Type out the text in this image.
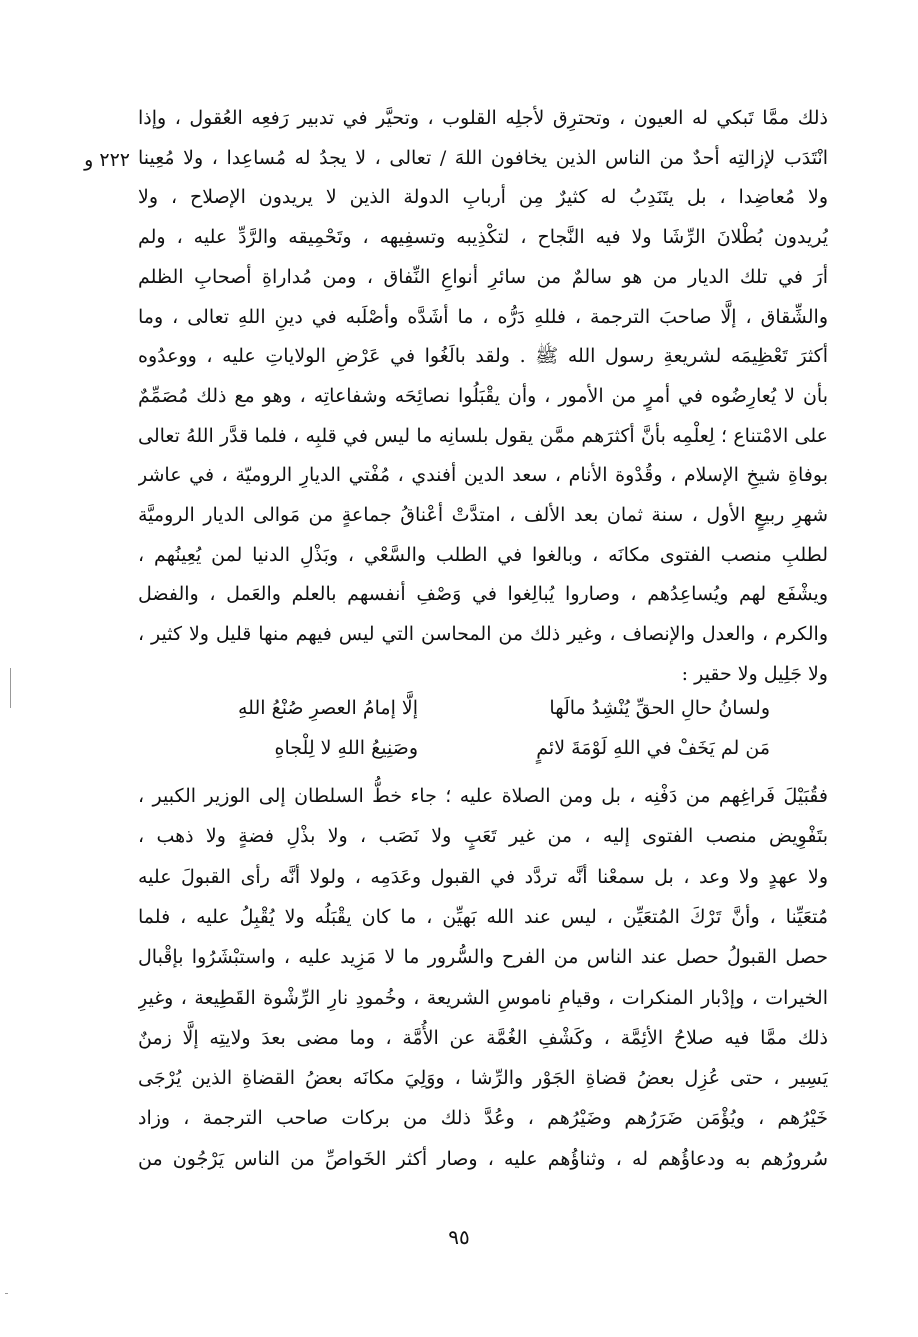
٢٢٢ و
ذلك ممَّا تَبكي له العيون ، وتحترِق لأجلِه القلوب ، وتحيَّر في تدبير رَفعِه العُقول ، وإذا
انْتَدَب لإزالتِه أحدٌ من الناس الذين يخافون اللهَ / تعالى ، لا يجدُ له مُساعِدا ، ولا مُعِينا
ولا مُعاضِدا ، بل يتَنَدِبُ له كثيرٌ مِن أربابِ الدولة الذين لا يريدون الإصلاح ، ولا
يُريدون بُطْلانَ الرِّشَا ولا فيه النَّجاح ، لتكْذِيبه وتسفِيهه ، وتَحْمِيقه والرَّدِّ عليه ، ولم
أرَ في تلك الديار من هو سالمٌ من سائرِ أنواعِ النِّفاق ، ومن مُداراةِ أصحابِ الظلم
والشِّقاق ، إلَّا صاحبَ الترجمة ، فللهِ دَرُّه ، ما أشَدَّه وأصْلَبه في دينِ اللهِ تعالى ، وما
أكثرَ تَعْظِيمَه لشريعةِ رسول الله ﷺ . ولقد بالَغُوا في عَرْضِ الولاياتِ عليه ، ووعدُوه
بأن لا يُعارِضُوه في أمرٍ من الأمور ، وأن يقْبَلُوا نصائِحَه وشفاعاتِه ، وهو مع ذلك مُصَمِّمٌ
على الامْتناع ؛ لِعلْمِه بأنَّ أكثرَهم ممَّن يقول بلسانِه ما ليس في قلبِه ، فلما قدَّر اللهُ تعالى
بوفاةِ شيخِ الإسلام ، وقُدْوة الأنام ، سعد الدين أفندي ، مُفْتي الديارِ الروميّة ، في عاشر
شهرِ ربيعٍ الأول ، سنة ثمان بعد الألف ، امتدَّتْ أعْناقُ جماعةٍ من مَوالى الديار الروميَّة
لطلبِ منصب الفتوى مكانَه ، وبالغوا في الطلب والسَّعْي ، وبَذْلِ الدنيا لمن يُعِينُهم ،
ويشْفَع لهم ويُساعِدُهم ، وصاروا يُبالِغوا في وَصْفِ أنفسهم بالعلم والعَمل ، والفضل
والكرم ، والعدل والإنصاف ، وغير ذلك من المحاسن التي ليس فيهم منها قليل ولا كثير ،
ولا جَلِيل ولا حقير :
ولسانُ حالِ الحقِّ يُنْشِدُ مالَها
إلَّا إمامُ العصرِ صُنْعُ اللهِ
مَن لم يَخَفْ في اللهِ لَوْمَةَ لائمٍ
وصَنِيعُ اللهِ لا لِلْجاهِ
فقُبَيْلَ فَراغِهم من دَفْنِه ، بل ومن الصلاة عليه ؛ جاء خطُّ السلطان إلى الوزير الكبير ،
بتَفْوِيض منصب الفتوى إليه ، من غير تَعَبٍ ولا نَصَب ، ولا بذْلِ فضةٍ ولا ذهب ،
ولا عهدٍ ولا وعد ، بل سمعْنا أنَّه تردَّد في القبول وعَدَمِه ، ولولا أنَّه رأى القبولَ عليه
مُتعَيِّنا ، وأنَّ تَرْكَ المُتعَيِّن ، ليس عند الله بَهيِّن ، ما كان يقْبَلُه ولا يُقْبِلُ عليه ، فلما
حصل القبولُ حصل عند الناس من الفرح والسُّرور ما لا مَزِيد عليه ، واستبْشَرُوا بإقْبال
الخيرات ، وإدْبار المنكرات ، وقيامِ ناموسِ الشريعة ، وخُمودِ نارِ الرِّشْوة القَطِيعة ، وغيرِ
ذلك ممَّا فيه صلاحُ الأئِمَّة ، وكَشْفِ الغُمَّة عن الأُمَّة ، وما مضى بعدَ ولايتِه إلَّا زمنٌ
يَسِير ، حتى عُزِل بعضُ قضاةِ الجَوْر والرِّشا ، ووَلِيَ مكانَه بعضُ القضاةِ الذين يُرْجَى
خَيْرُهم ، ويُؤْمَن ضَرَرُهم وضَيْرُهم ، وعُدَّ ذلك من بركات صاحب الترجمة ، وزاد
سُرورُهم به ودعاؤُهم له ، وثناؤُهم عليه ، وصار أكثر الخَواصِّ من الناس يَرْجُون من
٩٥
